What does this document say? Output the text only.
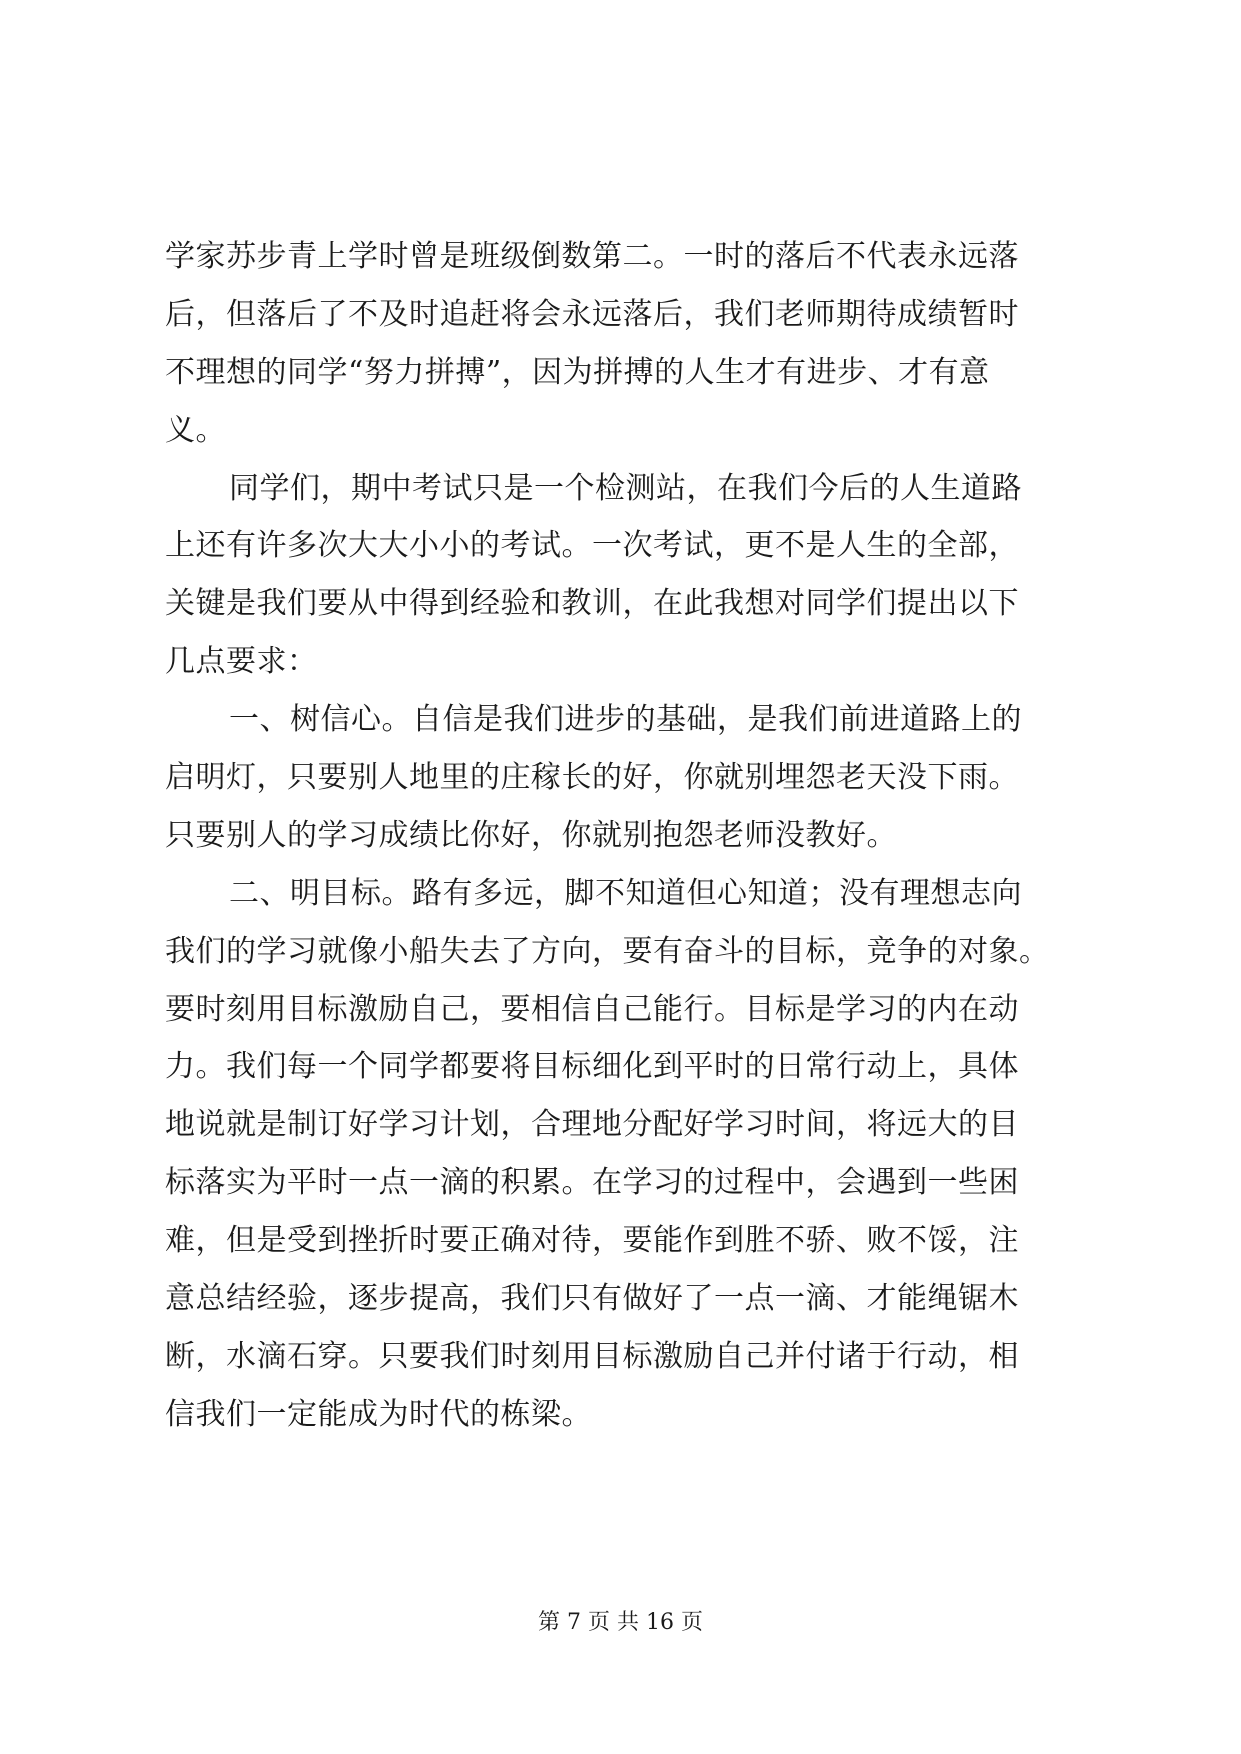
学家苏步青上学时曾是班级倒数第二。一时的落后不代表永远落
后，但落后了不及时追赶将会永远落后，我们老师期待成绩暂时
不理想的同学“努力拼搏”，因为拼搏的人生才有进步、才有意
义。
同学们，期中考试只是一个检测站，在我们今后的人生道路
上还有许多次大大小小的考试。一次考试，更不是人生的全部，
关键是我们要从中得到经验和教训，在此我想对同学们提出以下
几点要求：
一、树信心。自信是我们进步的基础，是我们前进道路上的
启明灯，只要别人地里的庄稼长的好，你就别埋怨老天没下雨。
只要别人的学习成绩比你好，你就别抱怨老师没教好。
二、明目标。路有多远，脚不知道但心知道；没有理想志向
我们的学习就像小船失去了方向，要有奋斗的目标，竞争的对象。
要时刻用目标激励自己，要相信自己能行。目标是学习的内在动
力。我们每一个同学都要将目标细化到平时的日常行动上，具体
地说就是制订好学习计划，合理地分配好学习时间，将远大的目
标落实为平时一点一滴的积累。在学习的过程中，会遇到一些困
难，但是受到挫折时要正确对待，要能作到胜不骄、败不馁，注
意总结经验，逐步提高，我们只有做好了一点一滴、才能绳锯木
断，水滴石穿。只要我们时刻用目标激励自己并付诸于行动，相
信我们一定能成为时代的栋梁。
第 7 页 共 16 页
